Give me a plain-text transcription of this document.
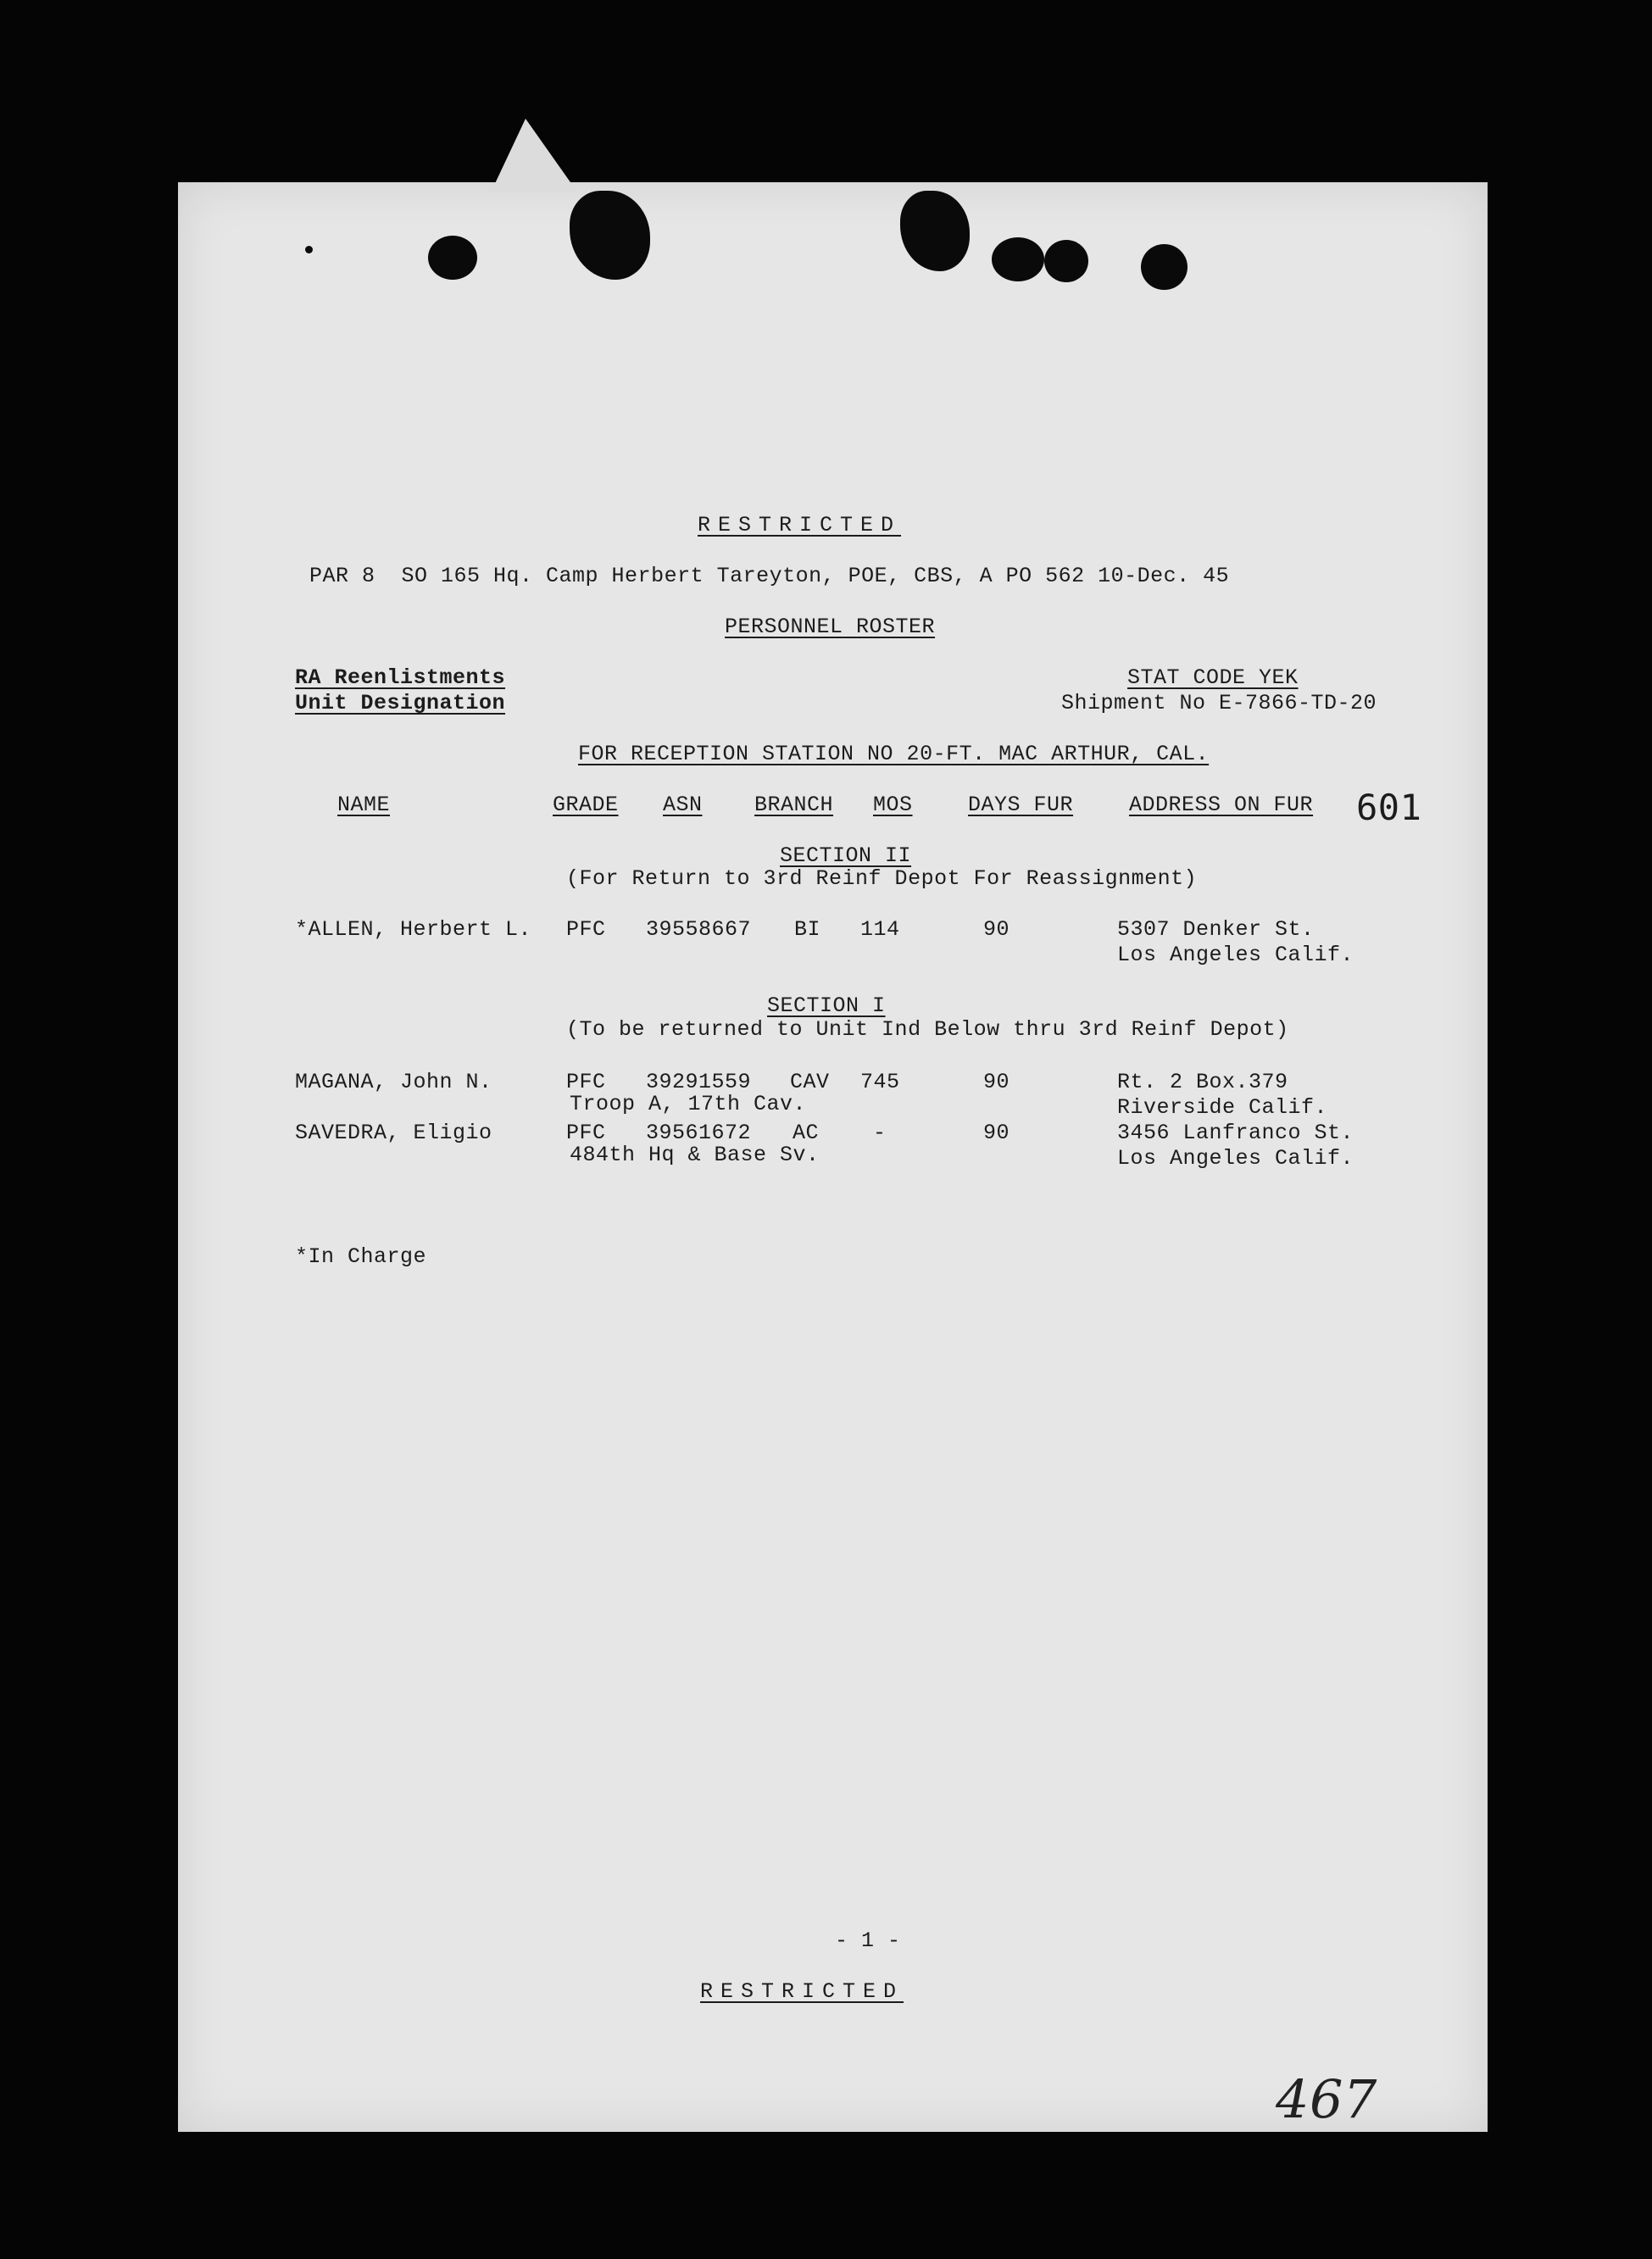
RESTRICTED
PAR 8  SO 165 Hq. Camp Herbert Tareyton, POE, CBS, A PO 562 10-Dec. 45
PERSONNEL ROSTER
RA Reenlistments
Unit Designation
STAT CODE YEK
Shipment No E-7866-TD-20
FOR RECEPTION STATION NO 20-FT. MAC ARTHUR, CAL.
NAME	GRADE ASN BRANCH MOS	DAYS FUR	ADDRESS ON FUR 601
SECTION II
(For Return to 3rd Reinf Depot For Reassignment)
*ALLEN, Herbert L. PFC 39558667 BI 114	90	5307 Denker St.
Los Angeles Calif.
SECTION I
(To be returned to Unit Ind Below thru 3rd Reinf Depot)
MAGANA, John N.	PFC 39291559 CAV 745	90	Rt. 2 Box.379
Troop A, 17th Cav.	Riverside Calif.
SAVEDRA, Eligio	PFC 39561672 AC	-	90	3456 Lanfranco St.
484th Hq & Base Sv.	Los Angeles Calif.
*In Charge
- 1 -
RESTRICTED
467
